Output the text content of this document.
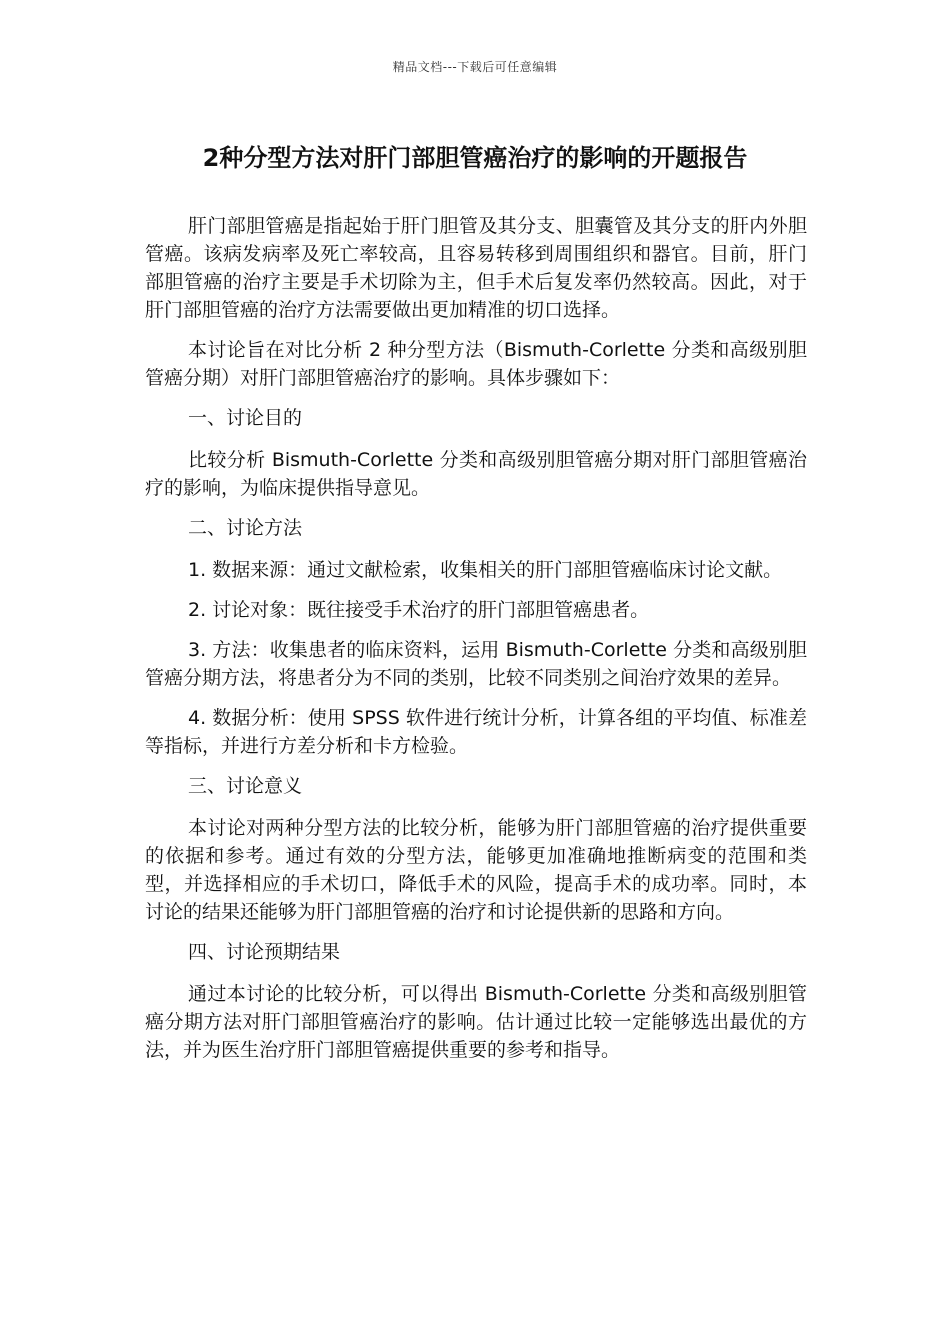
精品文档---下载后可任意编辑
2种分型方法对肝门部胆管癌治疗的影响的开题报告

肝门部胆管癌是指起始于肝门胆管及其分支、胆囊管及其分支的肝内外胆管癌。该病发病率及死亡率较高，且容易转移到周围组织和器官。目前，肝门部胆管癌的治疗主要是手术切除为主，但手术后复发率仍然较高。因此，对于肝门部胆管癌的治疗方法需要做出更加精准的切口选择。

本讨论旨在对比分析 2 种分型方法（Bismuth-Corlette 分类和高级别胆管癌分期）对肝门部胆管癌治疗的影响。具体步骤如下：

一、讨论目的

比较分析 Bismuth-Corlette 分类和高级别胆管癌分期对肝门部胆管癌治疗的影响，为临床提供指导意见。

二、讨论方法

1. 数据来源：通过文献检索，收集相关的肝门部胆管癌临床讨论文献。

2. 讨论对象：既往接受手术治疗的肝门部胆管癌患者。

3. 方法：收集患者的临床资料，运用 Bismuth-Corlette 分类和高级别胆管癌分期方法，将患者分为不同的类别，比较不同类别之间治疗效果的差异。

4. 数据分析：使用 SPSS 软件进行统计分析，计算各组的平均值、标准差等指标，并进行方差分析和卡方检验。

三、讨论意义

本讨论对两种分型方法的比较分析，能够为肝门部胆管癌的治疗提供重要的依据和参考。通过有效的分型方法，能够更加准确地推断病变的范围和类型，并选择相应的手术切口，降低手术的风险，提高手术的成功率。同时，本讨论的结果还能够为肝门部胆管癌的治疗和讨论提供新的思路和方向。

四、讨论预期结果

通过本讨论的比较分析，可以得出 Bismuth-Corlette 分类和高级别胆管癌分期方法对肝门部胆管癌治疗的影响。估计通过比较一定能够选出最优的方法，并为医生治疗肝门部胆管癌提供重要的参考和指导。
